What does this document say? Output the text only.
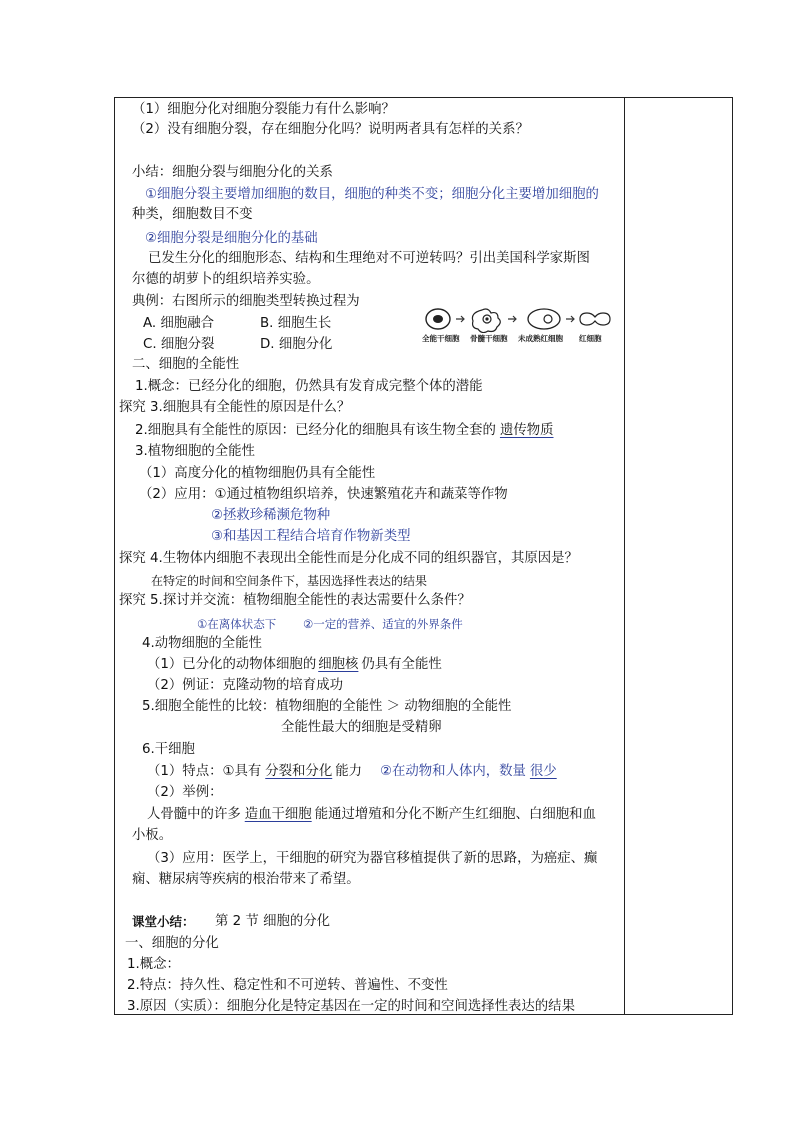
（1）细胞分化对细胞分裂能力有什么影响？
（2）没有细胞分裂，存在细胞分化吗？说明两者具有怎样的关系？
小结：细胞分裂与细胞分化的关系
①细胞分裂主要增加细胞的数目，细胞的种类不变；细胞分化主要增加细胞的
种类，细胞数目不变
②细胞分裂是细胞分化的基础
已发生分化的细胞形态、结构和生理绝对不可逆转吗？引出美国科学家斯图
尔德的胡萝卜的组织培养实验。
典例：右图所示的细胞类型转换过程为
A. 细胞融合	B. 细胞生长
C. 细胞分裂	D. 细胞分化	全能干细胞 骨髓干细胞 未成熟红细胞 红细胞
二、细胞的全能性
1.概念：已经分化的细胞，仍然具有发育成完整个体的潜能
探究 3.细胞具有全能性的原因是什么？
2.细胞具有全能性的原因：已经分化的细胞具有该生物全套的 遗传物质
3.植物细胞的全能性
（1）高度分化的植物细胞仍具有全能性
（2）应用：①通过植物组织培养，快速繁殖花卉和蔬菜等作物
②拯救珍稀濒危物种
③和基因工程结合培育作物新类型
探究 4.生物体内细胞不表现出全能性而是分化成不同的组织器官，其原因是？
在特定的时间和空间条件下，基因选择性表达的结果
探究 5.探讨并交流：植物细胞全能性的表达需要什么条件？
①在离体状态下 ②一定的营养、适宜的外界条件
4.动物细胞的全能性
（1）已分化的动物体细胞的 细胞核 仍具有全能性
（2）例证：克隆动物的培育成功
5.细胞全能性的比较：植物细胞的全能性 ＞ 动物细胞的全能性
全能性最大的细胞是受精卵
6.干细胞
（1）特点：①具有 分裂和分化 能力 ②在动物和人体内，数量 很少
（2）举例：
人骨髓中的许多 造血干细胞 能通过增殖和分化不断产生红细胞、白细胞和血
小板。
（3）应用：医学上，干细胞的研究为器官移植提供了新的思路，为癌症、癫
痫、糖尿病等疾病的根治带来了希望。
课堂小结： 第 2 节 细胞的分化
一、细胞的分化
1.概念：
2.特点：持久性、稳定性和不可逆转、普遍性、不变性
3.原因（实质）：细胞分化是特定基因在一定的时间和空间选择性表达的结果
